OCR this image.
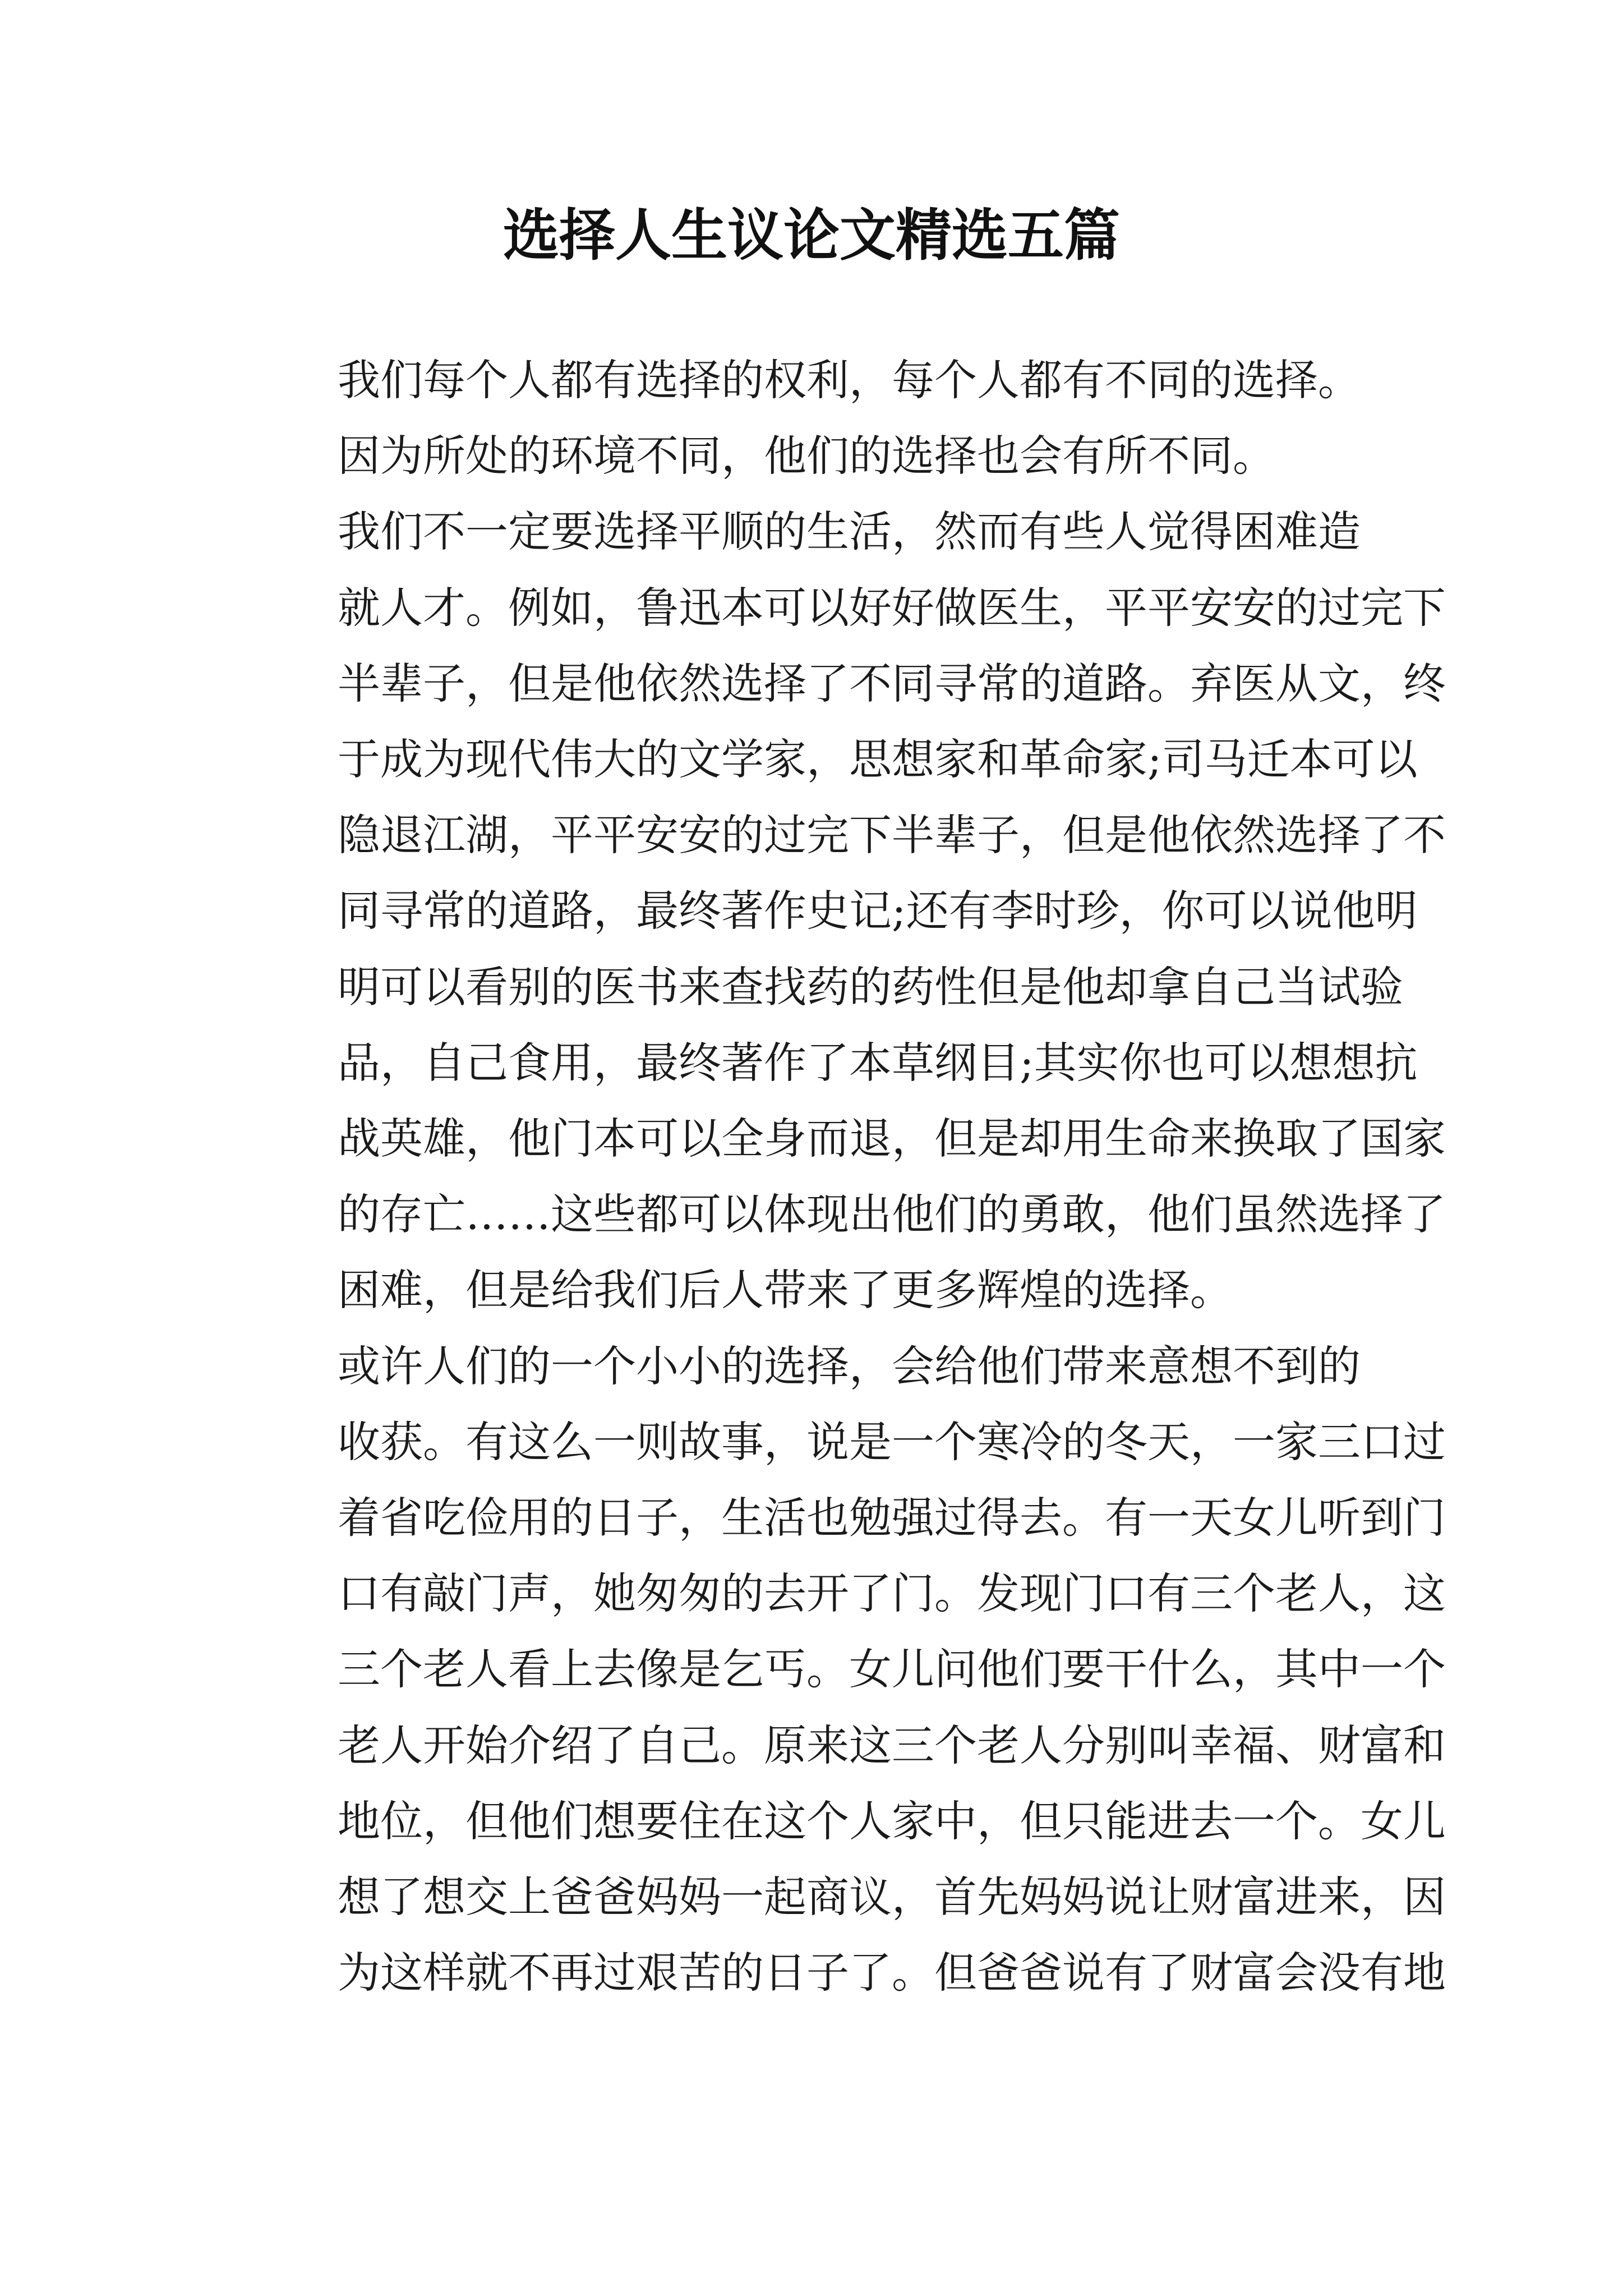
选择人生议论文精选五篇

我们每个人都有选择的权利，每个人都有不同的选择。
因为所处的环境不同，他们的选择也会有所不同。

我们不一定要选择平顺的生活，然而有些人觉得困难造
就人才。例如，鲁迅本可以好好做医生，平平安安的过完下
半辈子，但是他依然选择了不同寻常的道路。弃医从文，终
于成为现代伟大的文学家，思想家和革命家;司马迁本可以
隐退江湖，平平安安的过完下半辈子，但是他依然选择了不
同寻常的道路，最终著作史记;还有李时珍，你可以说他明
明可以看别的医书来查找药的药性但是他却拿自己当试验
品，自己食用，最终著作了本草纲目;其实你也可以想想抗
战英雄，他门本可以全身而退，但是却用生命来换取了国家
的存亡……这些都可以体现出他们的勇敢，他们虽然选择了
困难，但是给我们后人带来了更多辉煌的选择。

或许人们的一个小小的选择，会给他们带来意想不到的
收获。有这么一则故事，说是一个寒冷的冬天，一家三口过
着省吃俭用的日子，生活也勉强过得去。有一天女儿听到门
口有敲门声，她匆匆的去开了门。发现门口有三个老人，这
三个老人看上去像是乞丐。女儿问他们要干什么，其中一个
老人开始介绍了自己。原来这三个老人分别叫幸福、财富和
地位，但他们想要住在这个人家中，但只能进去一个。女儿
想了想交上爸爸妈妈一起商议，首先妈妈说让财富进来，因
为这样就不再过艰苦的日子了。但爸爸说有了财富会没有地
